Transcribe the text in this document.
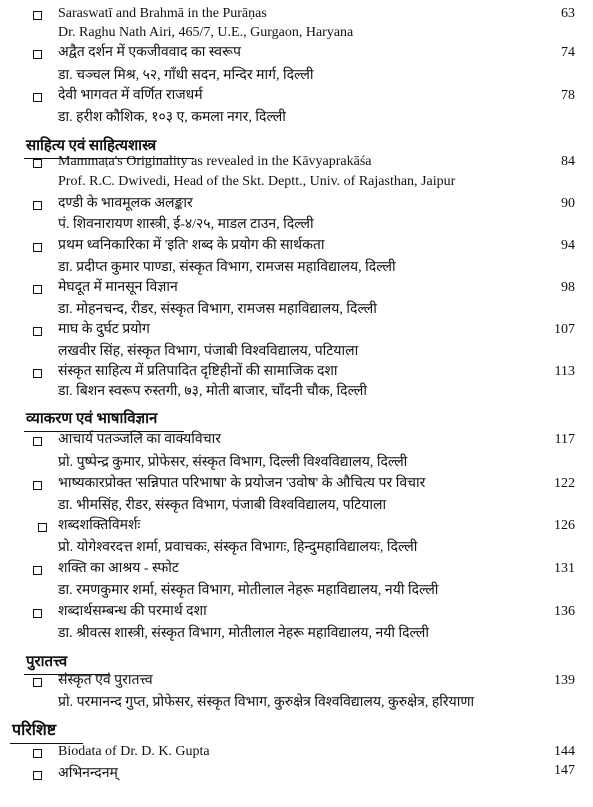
साहित्य एवं साहित्यशास्त्र
व्याकरण एवं भाषाविज्ञान
पुरातत्त्व
परिशिष्ट
Saraswatī and Brahmā in the Purāṇas	63
Dr. Raghu Nath Airi, 465/7, U.E., Gurgaon, Haryana
अद्वैत दर्शन में एकजीववाद का स्वरूप	74
डा. चञ्चल मिश्र, ५२, गाँधी सदन, मन्दिर मार्ग, दिल्ली
देवी भागवत में वर्णित राजधर्म	78
डा. हरीश कौशिक, १०३ ए, कमला नगर, दिल्ली
Mammaṭa's Originality as revealed in the Kāvyaprakāśa	84
Prof. R.C. Dwivedi, Head of the Skt. Deptt., Univ. of Rajasthan, Jaipur
दण्डी के भावमूलक अलङ्कार	90
पं. शिवनारायण शास्त्री, ई-४/२५, माडल टाउन, दिल्ली
प्रथम ध्वनिकारिका में 'इति' शब्द के प्रयोग की सार्थकता	94
डा. प्रदीप्त कुमार पाण्डा, संस्कृत विभाग, रामजस महाविद्यालय, दिल्ली
मेघदूत में मानसून विज्ञान	98
डा. मोहनचन्द, रीडर, संस्कृत विभाग, रामजस महाविद्यालय, दिल्ली
माघ के दुर्घट प्रयोग	107
लखवीर सिंह, संस्कृत विभाग, पंजाबी विश्वविद्यालय, पटियाला
संस्कृत साहित्य में प्रतिपादित दृष्टिहीनों की सामाजिक दशा	113
डा. बिशन स्वरूप रुस्तगी, ७३, मोती बाजार, चाँदनी चौक, दिल्ली
आचार्य पतञ्जलि का वाक्यविचार	117
प्रो. पुष्पेन्द्र कुमार, प्रोफेसर, संस्कृत विभाग, दिल्ली विश्वविद्यालय, दिल्ली
भाष्यकारप्रोक्त 'सन्निपात परिभाषा' के प्रयोजन 'उवोष' के औचित्य पर विचार	122
डा. भीमसिंह, रीडर, संस्कृत विभाग, पंजाबी विश्वविद्यालय, पटियाला
शब्दशक्तिविमर्शः	126
प्रो. योगेश्वरदत्त शर्मा, प्रवाचकः, संस्कृत विभागः, हिन्दुमहाविद्यालयः, दिल्ली
शक्ति का आश्रय - स्फोट	131
डा. रमणकुमार शर्मा, संस्कृत विभाग, मोतीलाल नेहरू महाविद्यालय, नयी दिल्ली
शब्दार्थसम्बन्ध की परमार्थ दशा	136
डा. श्रीवत्स शास्त्री, संस्कृत विभाग, मोतीलाल नेहरू महाविद्यालय, नयी दिल्ली
संस्कृत एवं पुरातत्त्व	139
प्रो. परमानन्द गुप्त, प्रोफेसर, संस्कृत विभाग, कुरुक्षेत्र विश्वविद्यालय, कुरुक्षेत्र, हरियाणा
Biodata of Dr. D. K. Gupta	144
अभिनन्दनम्	147
